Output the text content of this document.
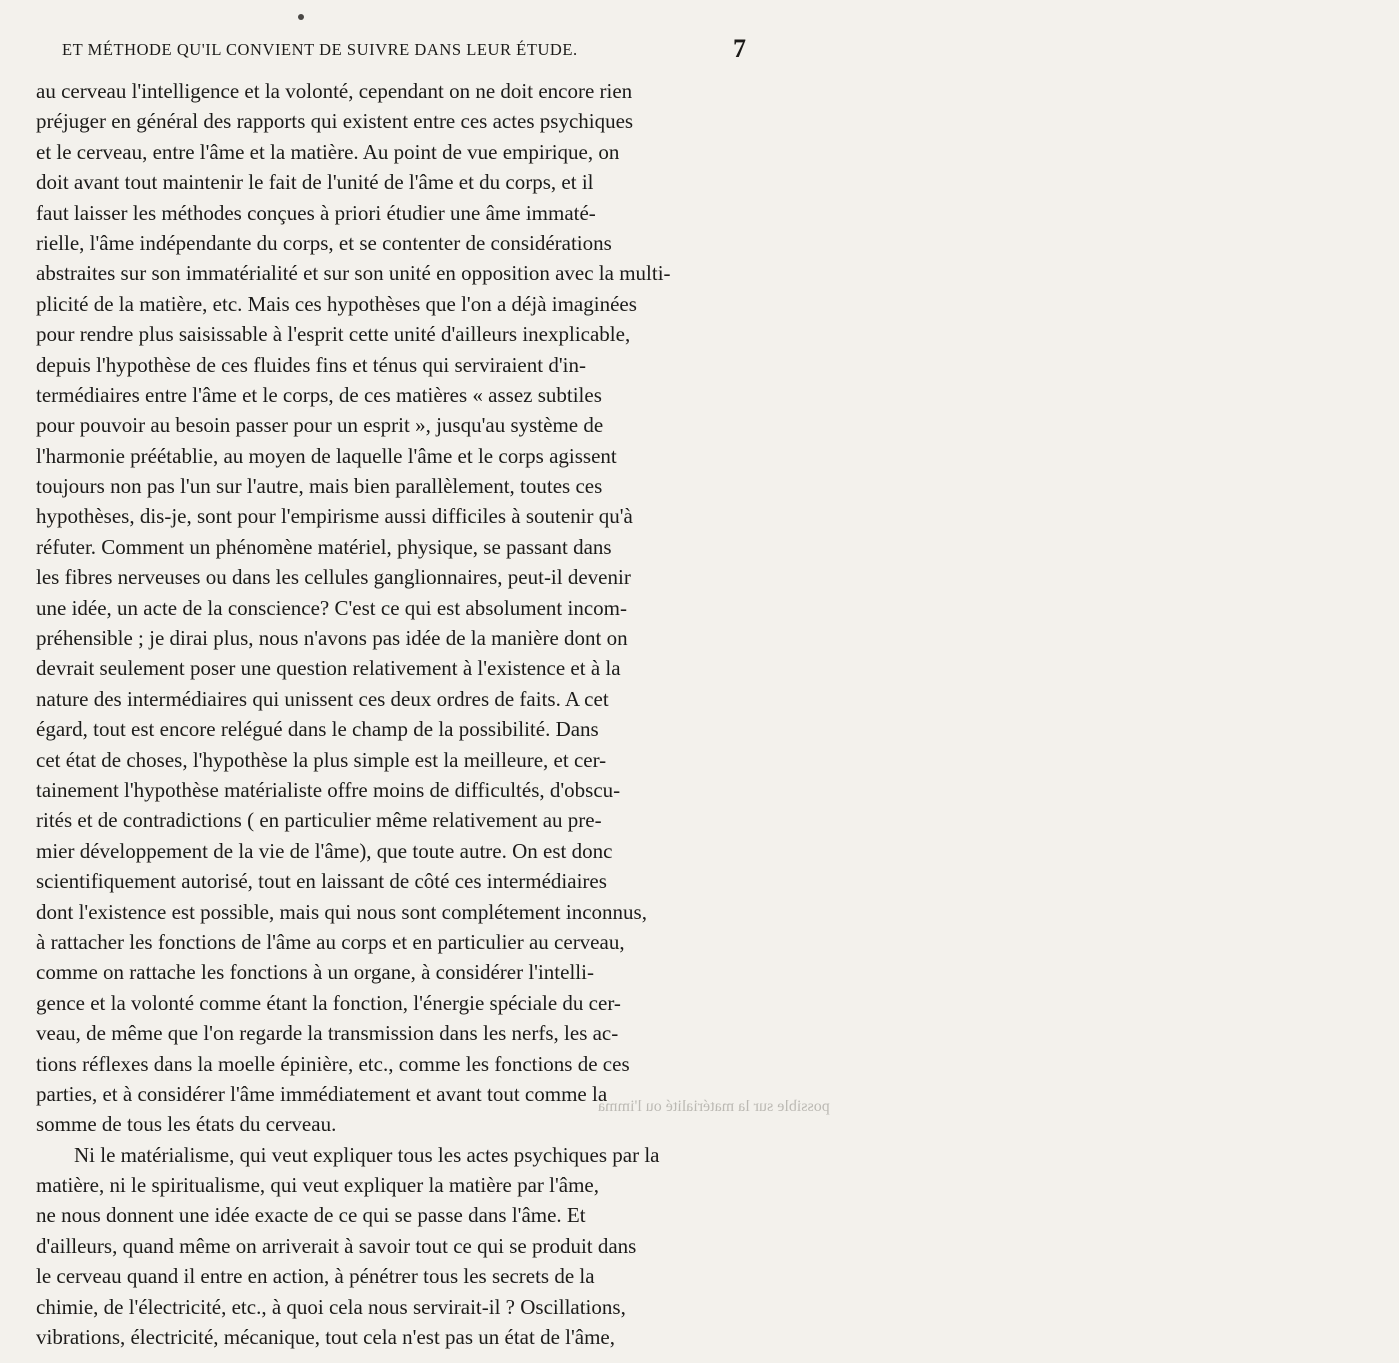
ET MÉTHODE QU'IL CONVIENT DE SUIVRE DANS LEUR ÉTUDE.	7
possible sur la matérialité ou l'imma
au cerveau l'intelligence et la volonté, cependant on ne doit encore rien
préjuger en général des rapports qui existent entre ces actes psychiques
et le cerveau, entre l'âme et la matière. Au point de vue empirique, on
doit avant tout maintenir le fait de l'unité de l'âme et du corps, et il
faut laisser les méthodes conçues à priori étudier une âme immaté-
rielle, l'âme indépendante du corps, et se contenter de considérations
abstraites sur son immatérialité et sur son unité en opposition avec la multi-
plicité de la matière, etc. Mais ces hypothèses que l'on a déjà imaginées
pour rendre plus saisissable à l'esprit cette unité d'ailleurs inexplicable,
depuis l'hypothèse de ces fluides fins et ténus qui serviraient d'in-
termédiaires entre l'âme et le corps, de ces matières « assez subtiles
pour pouvoir au besoin passer pour un esprit », jusqu'au système de
l'harmonie préétablie, au moyen de laquelle l'âme et le corps agissent
toujours non pas l'un sur l'autre, mais bien parallèlement, toutes ces
hypothèses, dis-je, sont pour l'empirisme aussi difficiles à soutenir qu'à
réfuter. Comment un phénomène matériel, physique, se passant dans
les fibres nerveuses ou dans les cellules ganglionnaires, peut-il devenir
une idée, un acte de la conscience? C'est ce qui est absolument incom-
préhensible ; je dirai plus, nous n'avons pas idée de la manière dont on
devrait seulement poser une question relativement à l'existence et à la
nature des intermédiaires qui unissent ces deux ordres de faits. A cet
égard, tout est encore relégué dans le champ de la possibilité. Dans
cet état de choses, l'hypothèse la plus simple est la meilleure, et cer-
tainement l'hypothèse matérialiste offre moins de difficultés, d'obscu-
rités et de contradictions ( en particulier même relativement au pre-
mier développement de la vie de l'âme), que toute autre. On est donc
scientifiquement autorisé, tout en laissant de côté ces intermédiaires
dont l'existence est possible, mais qui nous sont complétement inconnus,
à rattacher les fonctions de l'âme au corps et en particulier au cerveau,
comme on rattache les fonctions à un organe, à considérer l'intelli-
gence et la volonté comme étant la fonction, l'énergie spéciale du cer-
veau, de même que l'on regarde la transmission dans les nerfs, les ac-
tions réflexes dans la moelle épinière, etc., comme les fonctions de ces
parties, et à considérer l'âme immédiatement et avant tout comme la
somme de tous les états du cerveau.
Ni le matérialisme, qui veut expliquer tous les actes psychiques par la
matière, ni le spiritualisme, qui veut expliquer la matière par l'âme,
ne nous donnent une idée exacte de ce qui se passe dans l'âme. Et
d'ailleurs, quand même on arriverait à savoir tout ce qui se produit dans
le cerveau quand il entre en action, à pénétrer tous les secrets de la
chimie, de l'électricité, etc., à quoi cela nous servirait-il ? Oscillations,
vibrations, électricité, mécanique, tout cela n'est pas un état de l'âme,
